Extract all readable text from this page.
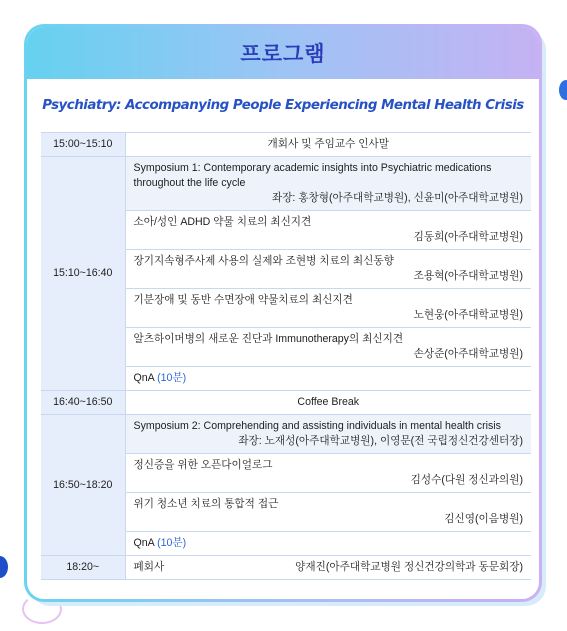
프로그램
Psychiatry: Accompanying People Experiencing Mental Health Crisis
15:00~15:10	개회사 및 주임교수 인사말
15:10~16:40	Symposium 1: Contemporary academic insights into Psychiatric medications throughout the life cycle
좌장: 홍창형(아주대학교병원), 신윤미(아주대학교병원)

	소아/성인 ADHD 약물 치료의 최신지견
김동희(아주대학교병원)

	장기지속형주사제 사용의 실제와 조현병 치료의 최신동향
조용혁(아주대학교병원)

	기분장애 및 동반 수면장애 약물치료의 최신지견
노현웅(아주대학교병원)

	알츠하이머병의 새로운 진단과 Immunotherapy의 최신지견
손상준(아주대학교병원)

	QnA (10분)
16:40~16:50	Coffee Break
16:50~18:20	Symposium 2: Comprehending and assisting individuals in mental health crisis
좌장: 노재성(아주대학교병원), 이영문(전 국립정신건강센터장)

	정신증을 위한 오픈다이얼로그
김성수(다원 정신과의원)

	위기 청소년 치료의 통합적 접근
김신영(이음병원)

	QnA (10분)
18:20~	폐회사 양재진(아주대학교병원 정신건강의학과 동문회장)
